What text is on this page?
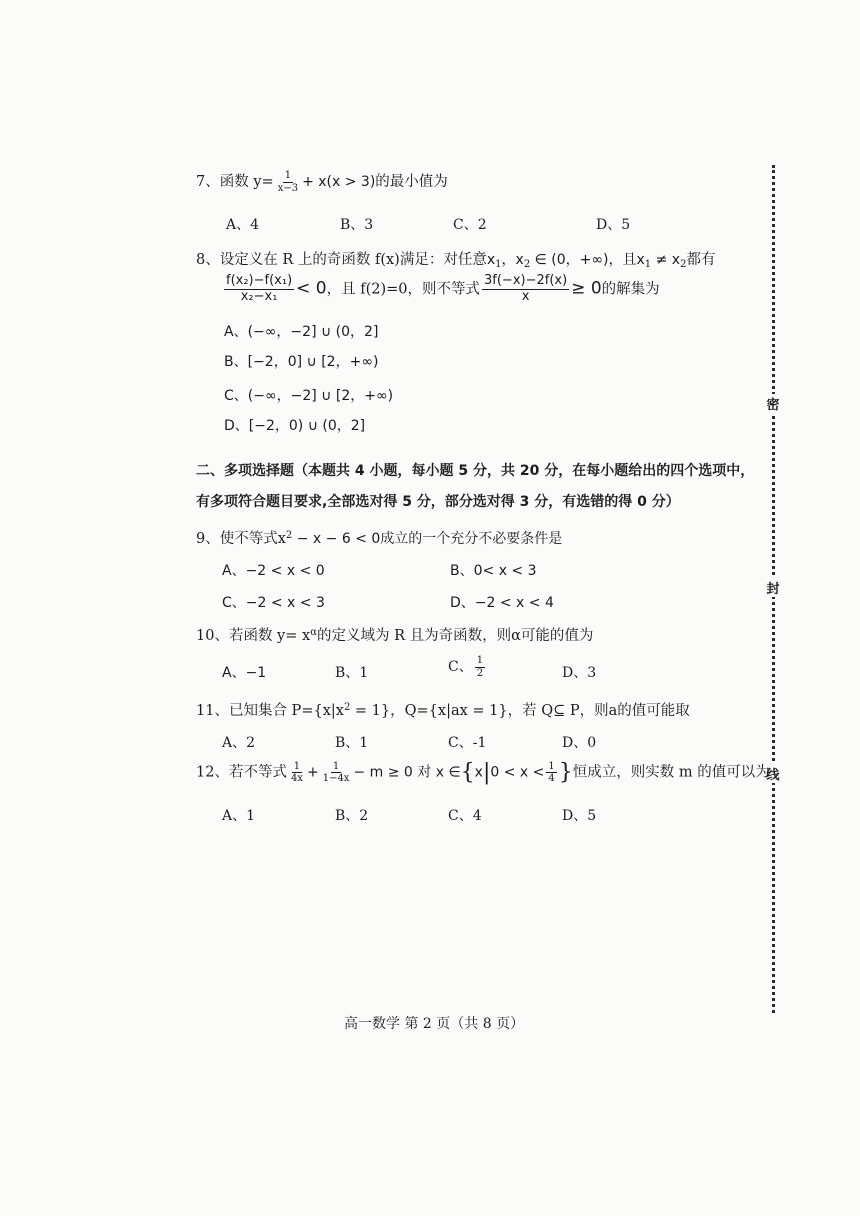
密
封
线
7、函数 $y= \frac{1}{x-3} + x(x > 3)$的最小值为
A、4	B、3	C、2	D、5
8、设定义在 R 上的奇函数 f(x)满足：对任意$x_1$，$x_2$ ∈ (0，+∞)，且$x_1 \ne x_2$都有
$\frac{\text{f(x₂)−f(x₁)}}{\text{x₂−x₁}} < 0$，且 f(2)=0，则不等式 $\frac{3f(-x)-2f(x)}{x} \ge 0$的解集为
A、(−∞，−2] ∪ (0，2]
B、[−2，0] ∪ [2，+∞)
C、(−∞，−2] ∪ [2，+∞)
D、[−2，0) ∪ (0，2]
二、多项选择题（本题共 4 小题，每小题 5 分，共 20 分，在每小题给出的四个选项中，
有多项符合题目要求,全部选对得 5 分，部分选对得 3 分，有选错的得 0 分）
9、使不等式$x^2 - x - 6 < 0$成立的一个充分不必要条件是
A、−2 < x < 0	B、0< x < 3
C、−2 < x < 3	D、−2 < x < 4
10、若函数 $y= x^\alpha$的定义域为 R 且为奇函数，则α可能的值为
A、−1	B、1	C、 $\frac{1}{2}$	D、3
11、已知集合 $P=\{x|x^2 = 1\}$，Q={x|ax = 1}，若 Q⊆ P，则a的值可能取
A、2	B、1	C、-1	D、0
12、若不等式 $\frac{1}{4x} + \frac{1}{1-4x} - m \ge 0$ 对 x ∈{x|0 < $x < \frac{1}{4}$ }恒成立，则实数 m 的值可以为
A、1	B、2	C、4	D、5
高一数学 第 2 页（共 8 页）
